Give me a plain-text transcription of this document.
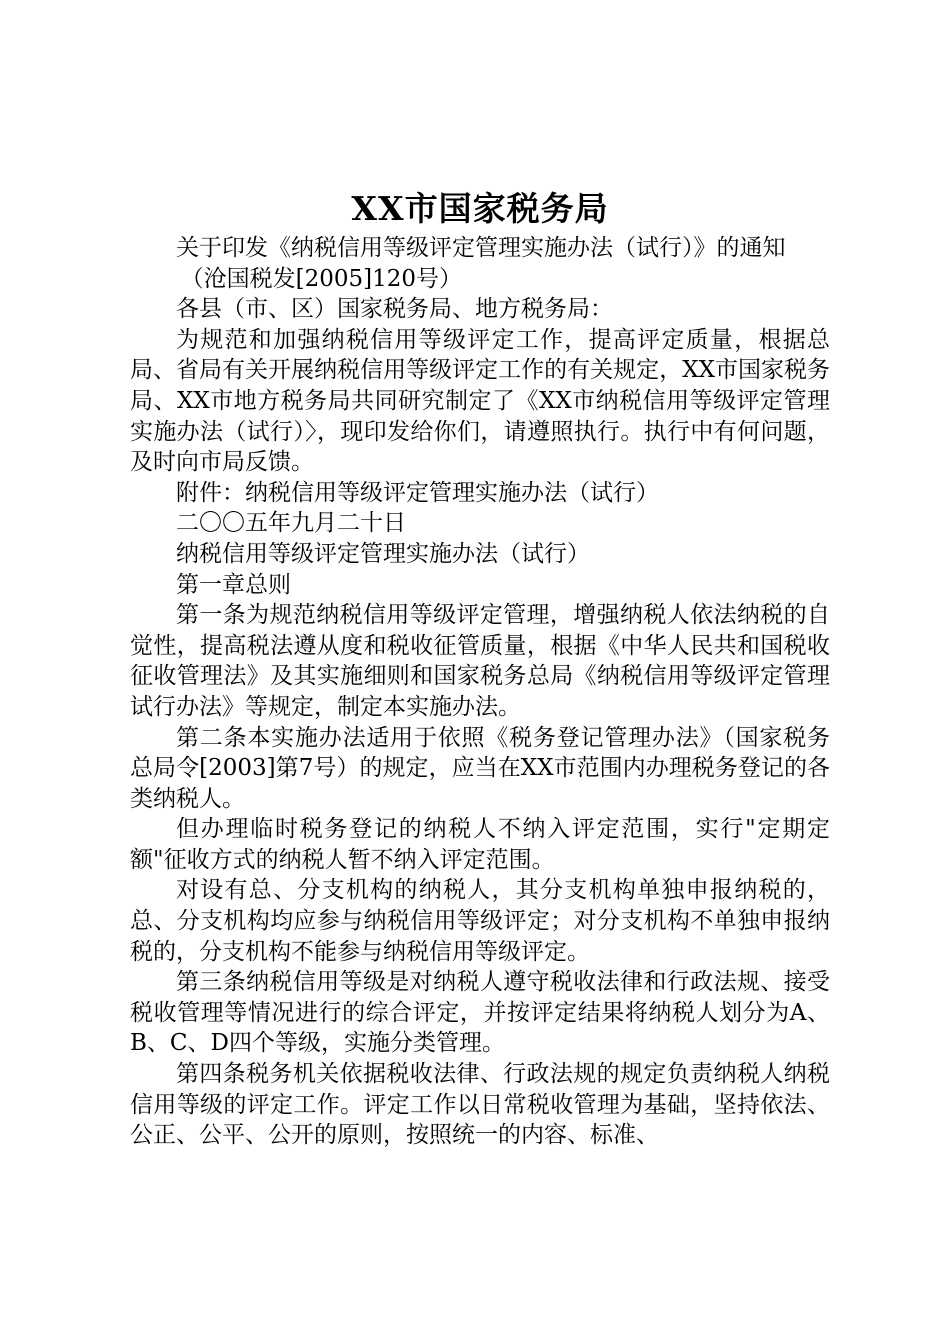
XX市国家税务局

关于印发《纳税信用等级评定管理实施办法（试行）》的通知

（沧国税发[2005]120号）

各县（市、区）国家税务局、地方税务局：

为规范和加强纳税信用等级评定工作，提高评定质量，根据总局、省局有关开展纳税信用等级评定工作的有关规定，XX市国家税务局、XX市地方税务局共同研究制定了《XX市纳税信用等级评定管理实施办法（试行）〉，现印发给你们，请遵照执行。执行中有何问题，及时向市局反馈。

附件：纳税信用等级评定管理实施办法（试行）

二〇〇五年九月二十日

纳税信用等级评定管理实施办法（试行）

第一章总则

第一条为规范纳税信用等级评定管理，增强纳税人依法纳税的自觉性，提高税法遵从度和税收征管质量，根据《中华人民共和国税收征收管理法》及其实施细则和国家税务总局《纳税信用等级评定管理试行办法》等规定，制定本实施办法。

第二条本实施办法适用于依照《税务登记管理办法》（国家税务总局令[2003]第7号）的规定，应当在XX市范围内办理税务登记的各类纳税人。

但办理临时税务登记的纳税人不纳入评定范围，实行"定期定额"征收方式的纳税人暂不纳入评定范围。

对设有总、分支机构的纳税人，其分支机构单独申报纳税的，总、分支机构均应参与纳税信用等级评定；对分支机构不单独申报纳税的，分支机构不能参与纳税信用等级评定。

第三条纳税信用等级是对纳税人遵守税收法律和行政法规、接受税收管理等情况进行的综合评定，并按评定结果将纳税人划分为A、B、C、D四个等级，实施分类管理。

第四条税务机关依据税收法律、行政法规的规定负责纳税人纳税信用等级的评定工作。评定工作以日常税收管理为基础，坚持依法、公正、公平、公开的原则，按照统一的内容、标准、
